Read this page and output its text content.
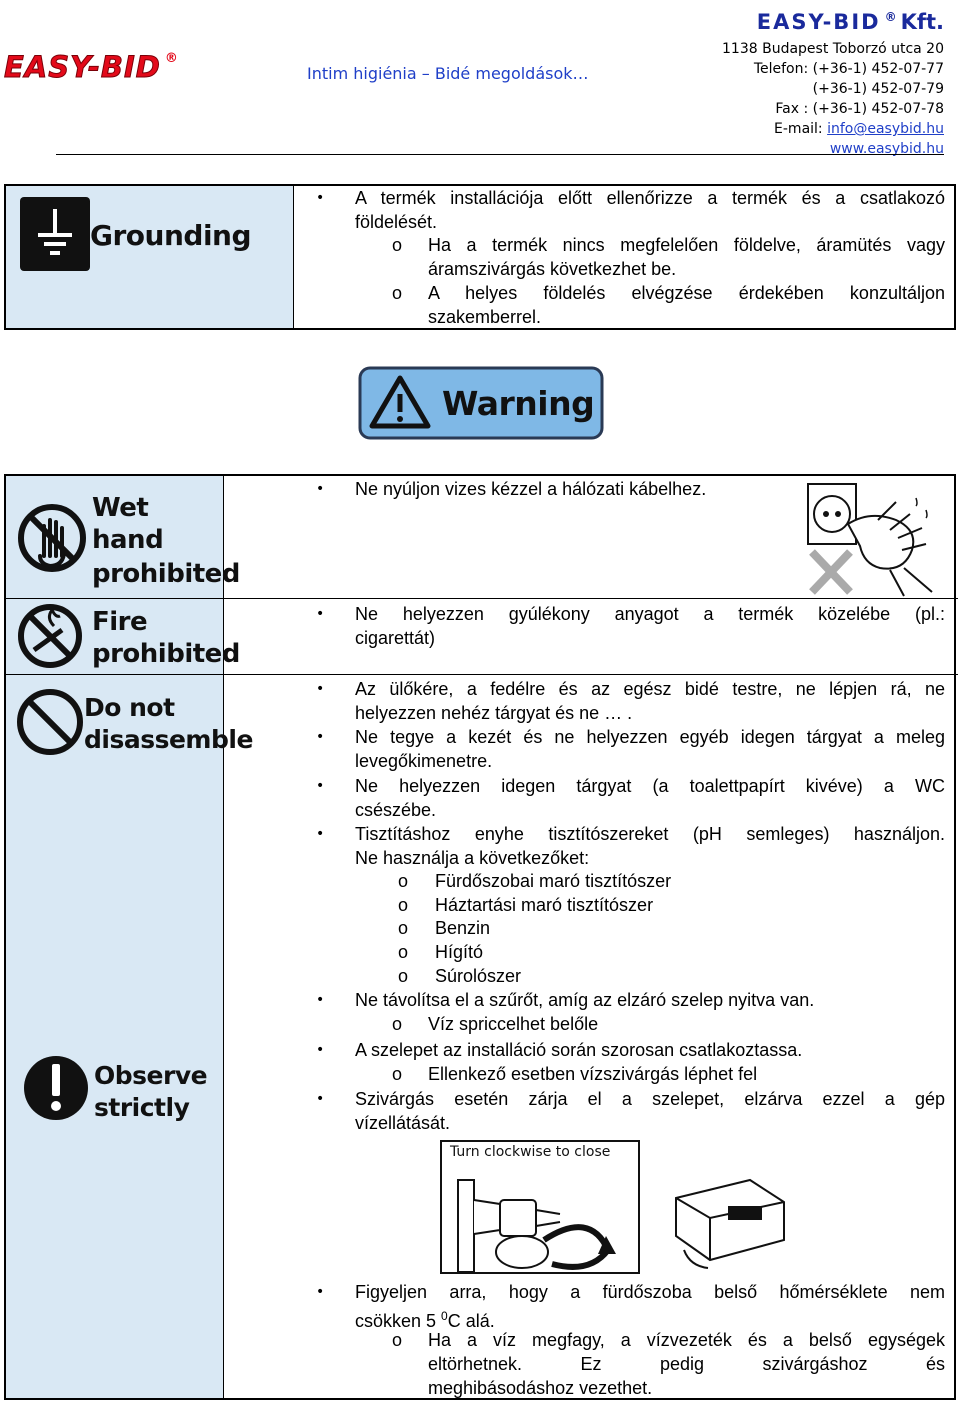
EASY-BID ®
Intim higiénia – Bidé megoldások…
EASY-BID ®Kft.
1138 Budapest Toborzó utca 20
Telefon: (+36-1) 452-07-77
(+36-1) 452-07-79
Fax : (+36-1) 452-07-78
E-mail: info@easybid.hu
www.easybid.hu
Grounding
• A termék installációja előtt ellenőrizze a termék és a csatlakozó
földelését.
o Ha a termék nincs megfelelően földelve, áramütés vagy
áramszivárgás következhet be.
o A helyes földelés elvégzése érdekében konzultáljon
szakemberrel.
Warning
Wet
hand
prohibited
Fire
prohibited
Do not
disassemble
Observe
strictly
• Ne nyúljon vizes kézzel a hálózati kábelhez.
• Ne helyezzen gyúlékony anyagot a termék közelébe (pl.:
cigarettát)
• Az ülőkére, a fedélre és az egész bidé testre, ne lépjen rá, ne
helyezzen nehéz tárgyat és ne … .
• Ne tegye a kezét és ne helyezzen egyéb idegen tárgyat a meleg
levegőkimenetre.
• Ne helyezzen idegen tárgyat (a toalettpapírt kivéve) a WC
csészébe.
• Tisztításhoz enyhe tisztítószereket (pH semleges) használjon.
Ne használja a következőket:
o Fürdőszobai maró tisztítószer
o Háztartási maró tisztítószer
o Benzin
o Hígító
o Súrolószer
• Ne távolítsa el a szűrőt, amíg az elzáró szelep nyitva van.
o Víz spriccelhet belőle
• A szelepet az installáció során szorosan csatlakoztassa.
o Ellenkező esetben vízszivárgás léphet fel
• Szivárgás esetén zárja el a szelepet, elzárva ezzel a gép
vízellátását.
Turn clockwise to close
• Figyeljen arra, hogy a fürdőszoba belső hőmérséklete nem
csökken 5 $^0$C alá.
o Ha a víz megfagy, a vízvezeték és a belső egységek
eltörhetnek. Ez pedig szivárgáshoz és
meghibásodáshoz vezethet.
